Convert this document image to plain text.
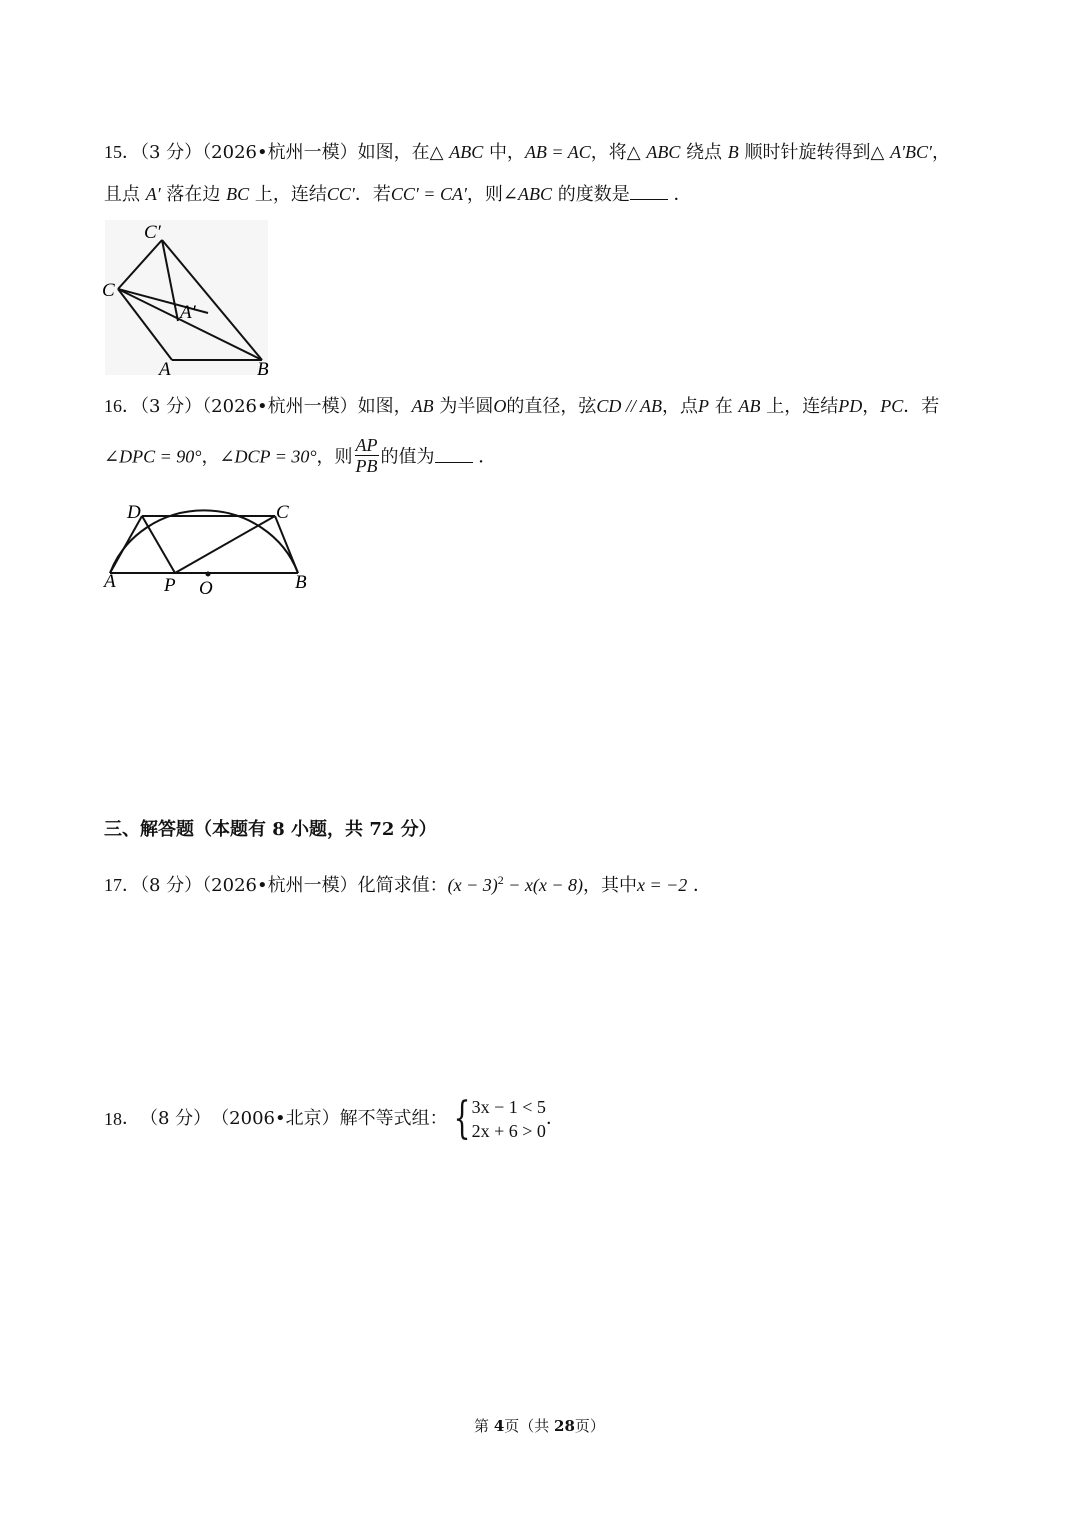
15．（3 分）（2026•杭州一模）如图，在△ ABC 中，AB = AC，将△ ABC 绕点 B 顺时针旋转得到△ A′BC′，
且点 A′ 落在边 BC 上，连结CC′．若CC′ = CA′，则∠ABC 的度数是 ．
C′
C
A′
A	B
16．（3 分）（2026•杭州一模）如图，AB 为半圆O的直径，弦CD // AB，点P 在 AB 上，连结PD，PC．若
∠DPC = 90°，∠DCP = 30°，则 $\frac{AP}{PB}$ 的值为 ．
D	C
A	P O	B
三、解答题（本题有 8 小题，共 72 分）
17．（8 分）（2026•杭州一模）化简求值：$(x - 3)^2 - x(x - 8)$，其中x = −2 ．
18 ． （8 分） （2006•北京） 解不等式组： { 3x − 1 < 5
2x + 6 > 0
．
第 4页（共 28页）
